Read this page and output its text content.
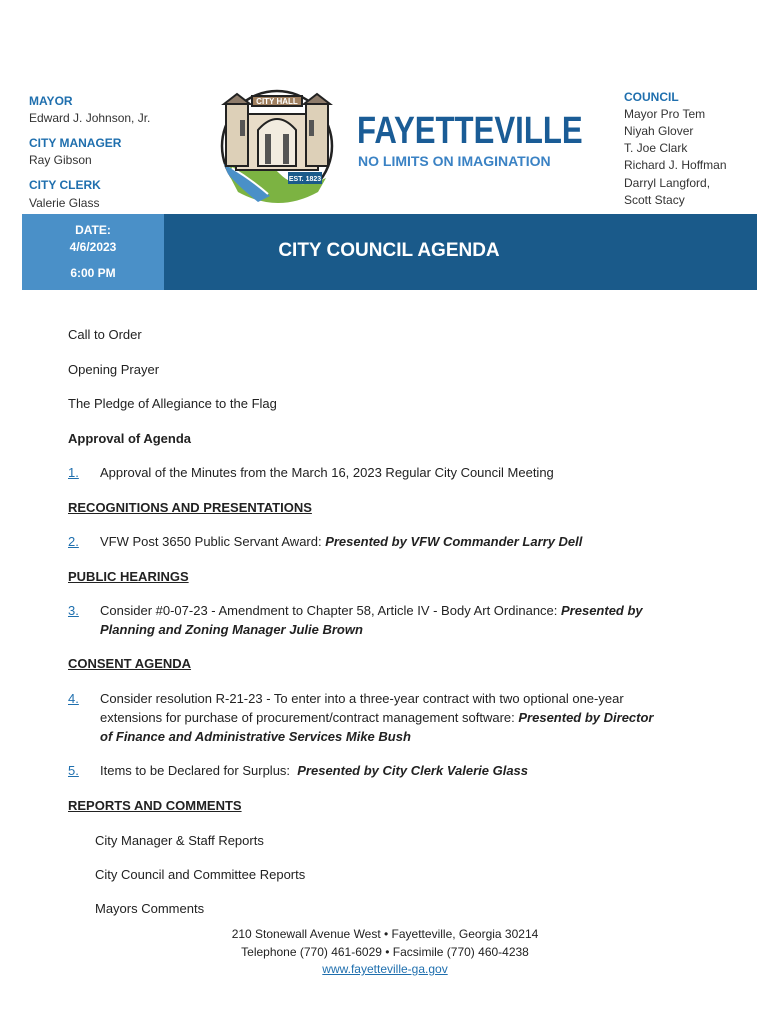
MAYOR
Edward J. Johnson, Jr.
CITY MANAGER
Ray Gibson
CITY CLERK
Valerie Glass
COUNCIL
Mayor Pro Tem
Niyah Glover
T. Joe Clark
Richard J. Hoffman
Darryl Langford,
Scott Stacy
CITY HALL
EST. 1823
FAYETTEVILLE
NO LIMITS ON IMAGINATION
DATE:
4/6/2023
6:00 PM
CITY COUNCIL AGENDA
Call to Order
Opening Prayer
The Pledge of Allegiance to the Flag
Approval of Agenda
1. Approval of the Minutes from the March 16, 2023 Regular City Council Meeting
RECOGNITIONS AND PRESENTATIONS
2. VFW Post 3650 Public Servant Award: Presented by VFW Commander Larry Dell
PUBLIC HEARINGS
3. Consider #0-07-23 - Amendment to Chapter 58, Article IV - Body Art Ordinance: Presented by
Planning and Zoning Manager Julie Brown
CONSENT AGENDA
4. Consider resolution R-21-23 - To enter into a three-year contract with two optional one-year
extensions for purchase of procurement/contract management software: Presented by Director
of Finance and Administrative Services Mike Bush
5. Items to be Declared for Surplus:  Presented by City Clerk Valerie Glass
REPORTS AND COMMENTS
City Manager & Staff Reports
City Council and Committee Reports
Mayors Comments
210 Stonewall Avenue West • Fayetteville, Georgia 30214
Telephone (770) 461-6029 • Facsimile (770) 460-4238
www.fayetteville-ga.gov
